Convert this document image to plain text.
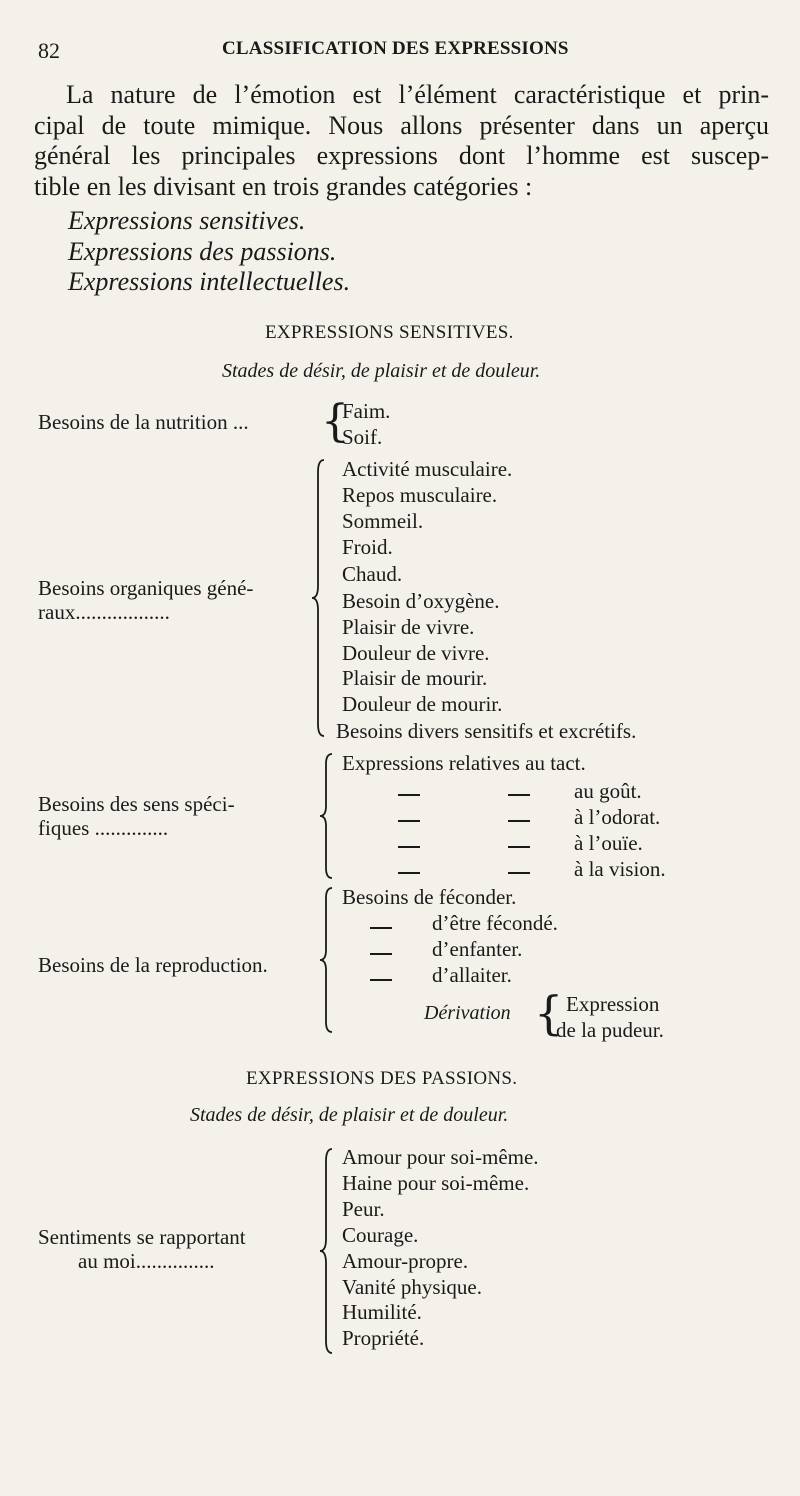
82	CLASSIFICATION DES EXPRESSIONS
La nature de l’émotion est l’élément caractéristique et prin-
cipal de toute mimique. Nous allons présenter dans un aperçu
général les principales expressions dont l’homme est suscep-
tible en les divisant en trois grandes catégories :
Expressions sensitives.
Expressions des passions.
Expressions intellectuelles.
EXPRESSIONS SENSITIVES.
Stades de désir, de plaisir et de douleur.
Besoins de la nutrition ... {
Faim.
Soif.
Besoins organiques géné-
raux..................
Activité musculaire.
Repos musculaire.
Sommeil.
Froid.
Chaud.
Besoin d’oxygène.
Plaisir de vivre.
Douleur de vivre.
Plaisir de mourir.
Douleur de mourir.
Besoins divers sensitifs et excrétifs.
Besoins des sens spéci-
fiques ..............
Expressions relatives au tact.
au goût.
à l’odorat.
à l’ouïe.
à la vision.
Besoins de la reproduction.
Besoins de féconder.
d’être fécondé.
d’enfanter.
d’allaiter.
Dérivation { Expression
de la pudeur.
EXPRESSIONS DES PASSIONS.
Stades de désir, de plaisir et de douleur.
Sentiments se rapportant
au moi...............
Amour pour soi-même.
Haine pour soi-même.
Peur.
Courage.
Amour-propre.
Vanité physique.
Humilité.
Propriété.
